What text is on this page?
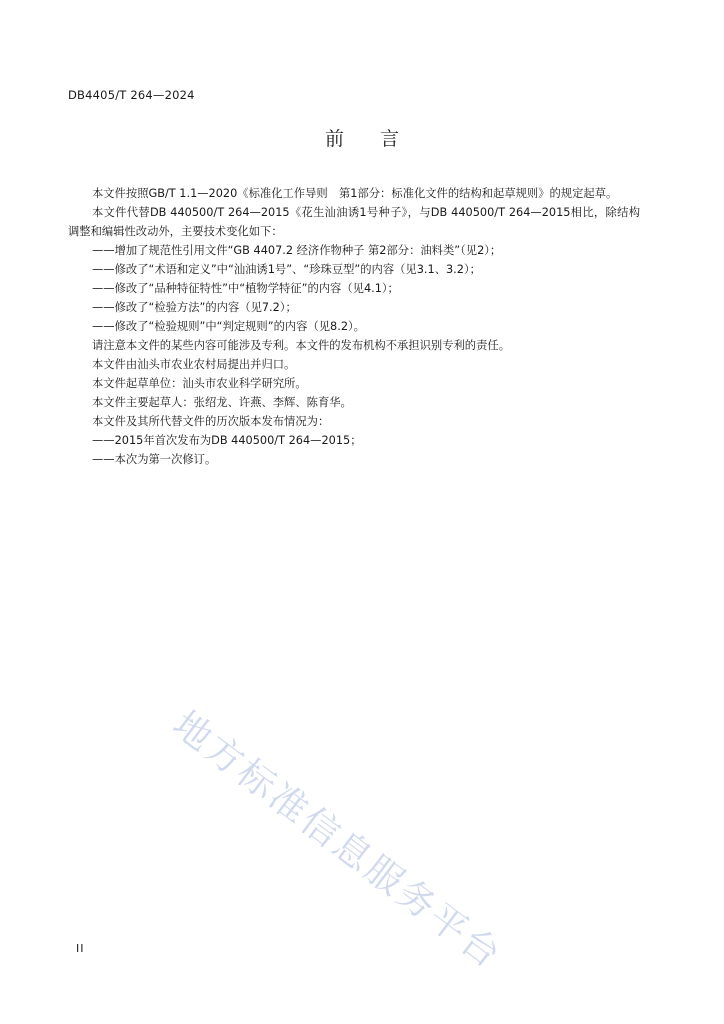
DB4405/T 264—2024
前言

本文件按照GB/T 1.1—2020《标准化工作导则　第1部分：标准化文件的结构和起草规则》的规定起草。

本文件代替DB 440500/T 264—2015《花生汕油诱1号种子》，与DB 440500/T 264—2015相比，除结构调整和编辑性改动外，主要技术变化如下：

——增加了规范性引用文件“GB 4407.2 经济作物种子 第2部分：油料类”（见2）；

——修改了“术语和定义”中“汕油诱1号”、“珍珠豆型”的内容（见3.1、3.2）；

——修改了“品种特征特性”中“植物学特征”的内容（见4.1）；

——修改了“检验方法”的内容（见7.2）；

——修改了“检验规则”中“判定规则”的内容（见8.2）。

请注意本文件的某些内容可能涉及专利。本文件的发布机构不承担识别专利的责任。

本文件由汕头市农业农村局提出并归口。

本文件起草单位：汕头市农业科学研究所。

本文件主要起草人：张绍龙、许燕、李辉、陈育华。

本文件及其所代替文件的历次版本发布情况为：

——2015年首次发布为DB 440500/T 264—2015；

——本次为第一次修订。

地方标准信息服务平台
II
